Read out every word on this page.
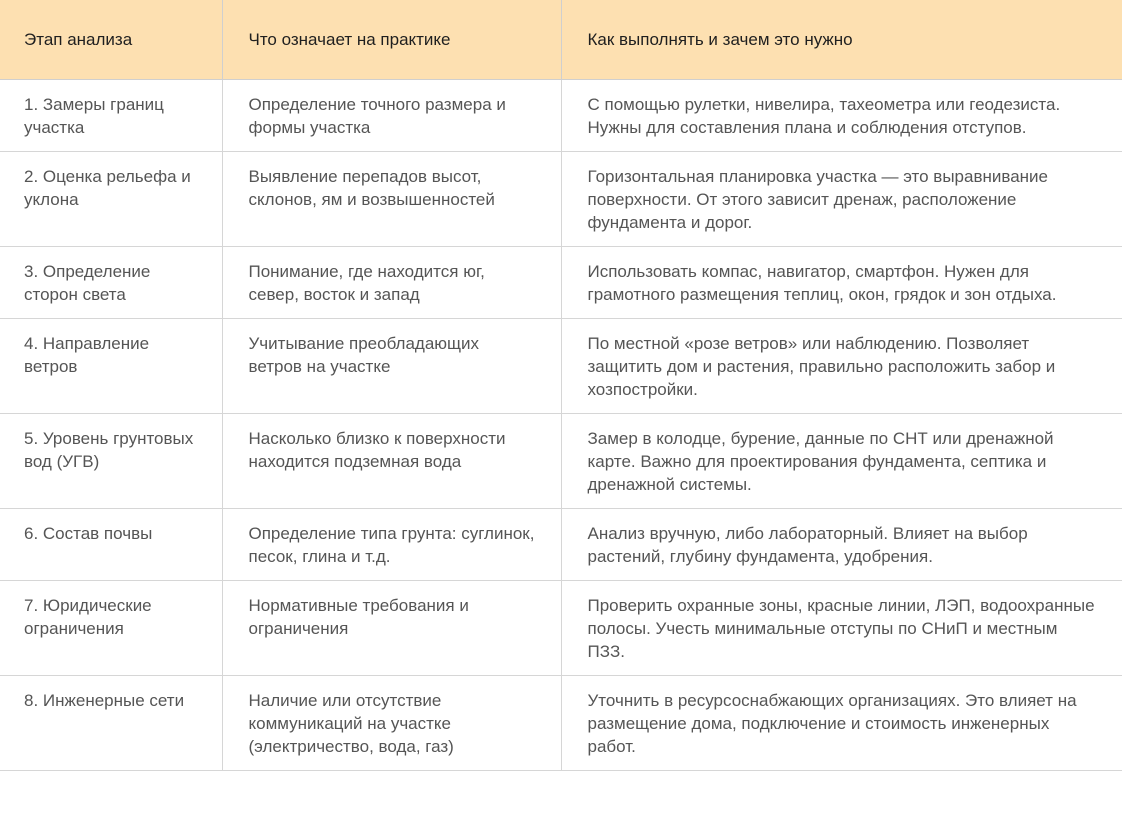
Этап анализа	Что означает на практике	Как выполнять и зачем это нужно
1. Замеры границ участка	Определение точного размера и формы участка	С помощью рулетки, нивелира, тахеометра или геодезиста. Нужны для составления плана и соблюдения отступов.
2. Оценка рельефа и уклона	Выявление перепадов высот, склонов, ям и возвышенностей	Горизонтальная планировка участка — это выравнивание поверхности. От этого зависит дренаж, расположение фундамента и дорог.
3. Определение сторон света	Понимание, где находится юг, север, восток и запад	Использовать компас, навигатор, смартфон. Нужен для грамотного размещения теплиц, окон, грядок и зон отдыха.
4. Направление ветров	Учитывание преобладающих ветров на участке	По местной «розе ветров» или наблюдению. Позволяет защитить дом и растения, правильно расположить забор и хозпостройки.
5. Уровень грунтовых вод (УГВ)	Насколько близко к поверхности находится подземная вода	Замер в колодце, бурение, данные по СНТ или дренажной карте. Важно для проектирования фундамента, септика и дренажной системы.
6. Состав почвы	Определение типа грунта: суглинок, песок, глина и т.д.	Анализ вручную, либо лабораторный. Влияет на выбор растений, глубину фундамента, удобрения.
7. Юридические ограничения	Нормативные требования и ограничения	Проверить охранные зоны, красные линии, ЛЭП, водоохранные полосы. Учесть минимальные отступы по СНиП и местным ПЗЗ.
8. Инженерные сети	Наличие или отсутствие коммуникаций на участке (электричество, вода, газ)	Уточнить в ресурсоснабжающих организациях. Это влияет на размещение дома, подключение и стоимость инженерных работ.
